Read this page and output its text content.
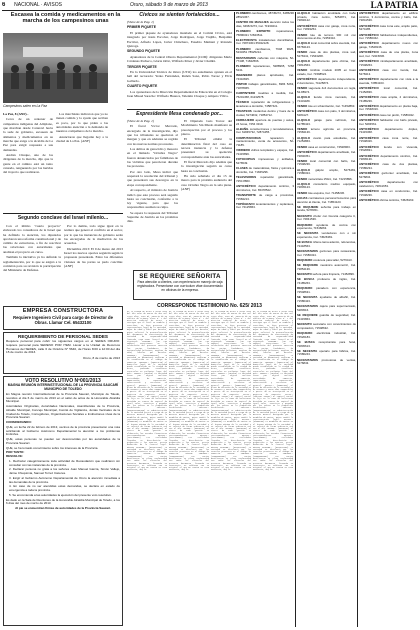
6 NACIONAL · AVISOS	Oruro, sábado 9 de marzo de 2013	LA PATRIA
Escasea la comida y medicamentos en la marcha de los campesinos unas
Campesinos salen en La Paz

La Paz, 8 (ANF).-

Cerca de un centenar de campesinos indígenas del Altiplano, que marchan desde Caranavi hacia la sede de gobierno, escasean de alimentos y medicamentos en su marcha que exige a la alcaldía de La Paz para exigir respuesta a sus demandas.

Andrés Chuque, uno de los dirigentes de la marcha, dijo que la gente en el camino está un tanto cansada, rengueando por las heridas del trayecto que realizaron.

Los marchistas indicaron que ya no tienen comida y la ayuda que reciben es poca, por lo que piden a las autoridades atención a la demanda de nuestros compañeros de la marcha.

Anunciaron que llegarán hoy a la ciudad de La Paz. (ANF)

Segundo conclave del Israel milenio...

Con el último "cuarto proyecto" elaborado los consultores de la Israel que ha definido la atención, los diputados aprobaron una reforma constitucional y de cambio de estructuras, a fin de reactivar las relaciones con autoridades que analizan el proyecto en curso.

También la iniciativa ya ha definido la reglamentación, por lo que se asignó a la comisión para su revisión la participación del Ministerio de Defensa.

Por lo demás, todo sigue igual en la tesitura que generó el conflicto en el sector, por lo que las instancias de gobierno serán las encargadas de la mediación de los acuerdos.

Diciembre 2013: El 9 de marzo del 2013 Israel los nuevos aportes seguirán según la propuesta presentada. Entre las diferentes visiones de las partes se pudo conciliar. (ANF)

EMPRESA CONSTRUCTORA
Requiere Ingeniero Civil para cargo de Director de Obras. Llamar Cel. 65432100
REQUERIMIENTO DE PERSONAL SEDES
Requiere personal para cubrir los siguientes cargos en el SEDES ORURO: requiere personal para SERENO POR ITEM. Llevar a la Unidad de Recursos Humanos del SEDES, calle 6 de Octubre N° 5640, de Horas 8:00 a 12:00 del día 15 de marzo de 2013.
Oruro, 8 de marzo de 2013
VOTO RESOLUTIVO Nº001/2013
MAGNA REUNIÓN INTERINSTITUCIONAL DE LA PROVINCIA SAUCARÍ MUNICIPIO DE TOLEDO
En Magna reunión Interinstitucional de la Provincia Saucarí, Municipio de Toledo, reunidos el día 6 de marzo de 2013 en el salón de actos de la Honorable Alcaldía Municipal.
Autoridades Originarias, Autoridades Nacionales, Asambleístas de la Provincia, Alcalde Municipal, Concejo Municipal, Comité de Vigilancia, Juntas Vecinales de la Ciudad de Toledo, Corregidores, Organizaciones Sociales e Instituciones vivas de la Provincia Saucarí.
CONSIDERANDO:
QUE, en fecha 22 de febrero de 2013, vecinos de la provincia presentaron una nota solicitando al Gobierno Autónomo Departamental la atención a los problemas limítrofes.
QUE, estas personas no pueden ser desconocidas por las autoridades de la Provincia Saucarí.
QUE, se ha tomado conocimiento sobre los intereses de la Provincia.
POR TANTO:
RESUELVE:
1. Rechazar categóricamente toda actividad de Recaudación que realizaron sin consultar con las instancias de la provincia.
2. Declarar persona no grata a los señores Juan Manuel García, Simón Vallejo, Jaime Chuquimia, Samuel Torrez Cáceres.
3. Exigir al Gobierno Autónomo Departamental de Oruro la atención inmediata a las demandas de la provincia.
4. En caso de no ser atendidas estas demandas, se declara en estado de emergencia a toda la provincia.
5. Se encomienda a las autoridades la ejecución del presente voto resolutivo.
Es dado en la Sala de Reuniones de la Honorable Alcaldía Municipal de Toledo, a los 6 días del mes de marzo de 2013.
Al pie se encuentran firmas de autoridades de la Provincia Saucarí.
Cívicos se sienten fortalecidos...

(Viene de la Pág. 1)

PRIMER PIQUETE

El primer piquete de ayunadores instalado en el Comité Cívico, está integrado por Jesús Escobar, Jorge Rodríguez, Jorge Trujillo, Benjamín Escóbar, Alfredo López, Javier Chinchero, Eusebio Mamani y Rolando Quiroga.

SEGUNDO PIQUETE

Ayunadores de la Central Obrera Departamental (COD): dirigentes Mario Cárdenas Pacheco, Gloria Ortíz, Wilfredo Pérez y Javier Chambi.

TERCER PIQUETE

En la Universidad Técnica de Oruro (UTO) los estudiantes ayunan en el hall del rectorado: Yerko Fernández, Rubén Sanz, Pablo Torrez y Elvis Gallardo.

CUARTO PIQUETE

Los ayunadores de la Dirección Departamental de Educación en el Colegio Juan Misael Saracho: Wilfredo Huanca, Valentín Choque y Amparo Villca.

Expresidente Mesa condenado por...

(Viene de la Pág. 1)

El fiscal Víctor Mercado, encargado de la investigación, dijo que los tribunales se quedaron al margen y que en adelante se regirán con las nuevas normas procesales.

Los delitos de genocidio y masacre en el llamado "Octubre Negro" fueron denunciados por familiares de las víctimas que perecieron durante las protestas.

Por otro lado, Mesa indicó que respetará la resolución del tribunal y que presentará sus descargos en la etapa correspondiente.

Al respecto, el ministro de Justicia indicó que este proceso será seguido hasta su conclusión, conforme a la ley vigente, para que los responsables asuman su culpa.

Se espera la respuesta del Tribunal Supremo de Justicia en los próximos días.

El Diputado Luis Torrez del Movimiento Sin Miedo manifestó su preocupación por el proceso y los plazos.

El Tribunal emitió la determinación final del caso en tercera instancia y la defensa presentará su apelación correspondiente ante las autoridades.

El fiscal Mercado dijo además que la investigación seguirá su curso hasta su conclusión.

Ha sido señalado el día 15 de marzo para la próxima audiencia del caso Octubre Negro en la sala plena. (ANF)

SE REQUIERE SEÑORITA
Para atención a clientes, con experiencia en manejo de caja registradora. Presentarse con currículum vitae documentado en oficinas de la empresa.
CORRESPONDE TESTIMONIO No. 625/ 2013
En la ciudad de Oruro a horas diez del día ocho de marzo de dos mil trece años, ante mí, Notario de Fe Pública de Primera Clase N° 7 del Distrito Judicial de Oruro, y testigos que al final se nombran y suscriben, se hizo presente el representante legal de la sociedad, mayor de edad y hábil por derecho, quien solicitó la protocolización del documento de constitución de sociedad de responsabilidad limitada, cuyo tenor literal es el siguiente: PRIMERA.- (DE LAS PARTES) Intervienen en la celebración del presente contrato los socios fundadores, de nacionalidad boliviana, mayores de edad, hábiles por derecho. SEGUNDA.- (DENOMINACIÓN) La sociedad se denominará conforme a lo establecido en el Código de Comercio. TERCERA.- (DOMICILIO) El domicilio legal de la sociedad queda establecido en la ciudad de Oruro, pudiendo establecer sucursales en cualquier lugar del país. CUARTA.- (OBJETO) La sociedad tiene por objeto realizar actividades de comercio, importación, exportación, construcción y servicios en general. QUINTA.- (DURACIÓN) El plazo de duración de la sociedad es de noventa y nueve años computables a partir de su inscripción en el Registro de Comercio. SEXTA.- (CAPITAL SOCIAL) El capital social se fija en la suma de bolivianos dividido en cuotas de capital de igual valor, suscritas y pagadas por los socios en la proporción establecida. SÉPTIMA.- (ADMINISTRACIÓN) La administración de la sociedad estará a cargo de un Gerente General designado por la Asamblea de Socios, quien tendrá la representación legal. OCTAVA.- (ASAMBLEA) La Asamblea de Socios es el órgano máximo de la sociedad y se reunirá de forma ordinaria una vez al año. NOVENA.- (BALANCES) Al cierre de cada gestión se elaborarán los estados financieros correspondientes. DÉCIMA.- (UTILIDADES) Las utilidades líquidas se distribuirán en proporción a los aportes, previa deducción de la reserva legal. DÉCIMA PRIMERA.- (DISOLUCIÓN) La sociedad se disolverá por las causales previstas en el Código de Comercio. DÉCIMA SEGUNDA.- (CONFORMIDAD) Los socios manifiestan su plena conformidad con todas las cláusulas del presente documento, firmando en constancia. Es conforme con su original al que me remito en caso necesario, doy fe.
En la ciudad de Oruro a horas diez del día ocho de marzo de dos mil trece años, ante mí, Notario de Fe Pública de Primera Clase N° 7 del Distrito Judicial de Oruro, y testigos que al final se nombran y suscriben, se hizo presente el representante legal de la sociedad, mayor de edad y hábil por derecho, quien solicitó la protocolización del documento de constitución de sociedad de responsabilidad limitada, cuyo tenor literal es el siguiente: PRIMERA.- (DE LAS PARTES) Intervienen en la celebración del presente contrato los socios fundadores, de nacionalidad boliviana, mayores de edad, hábiles por derecho. SEGUNDA.- (DENOMINACIÓN) La sociedad se denominará conforme a lo establecido en el Código de Comercio. TERCERA.- (DOMICILIO) El domicilio legal de la sociedad queda establecido en la ciudad de Oruro, pudiendo establecer sucursales en cualquier lugar del país. CUARTA.- (OBJETO) La sociedad tiene por objeto realizar actividades de comercio, importación, exportación, construcción y servicios en general. QUINTA.- (DURACIÓN) El plazo de duración de la sociedad es de noventa y nueve años computables a partir de su inscripción en el Registro de Comercio. SEXTA.- (CAPITAL SOCIAL) El capital social se fija en la suma de bolivianos dividido en cuotas de capital de igual valor, suscritas y pagadas por los socios en la proporción establecida. SÉPTIMA.- (ADMINISTRACIÓN) La administración de la sociedad estará a cargo de un Gerente General designado por la Asamblea de Socios, quien tendrá la representación legal. OCTAVA.- (ASAMBLEA) La Asamblea de Socios es el órgano máximo de la sociedad y se reunirá de forma ordinaria una vez al año. NOVENA.- (BALANCES) Al cierre de cada gestión se elaborarán los estados financieros correspondientes. DÉCIMA.- (UTILIDADES) Las utilidades líquidas se distribuirán en proporción a los aportes, previa deducción de la reserva legal. DÉCIMA PRIMERA.- (DISOLUCIÓN) La sociedad se disolverá por las causales previstas en el Código de Comercio. DÉCIMA SEGUNDA.- (CONFORMIDAD) Los socios manifiestan su plena conformidad con todas las cláusulas del presente documento, firmando en constancia. Es conforme con su original al que me remito en caso necesario, doy fe.
En la ciudad de Oruro a horas diez del día ocho de marzo de dos mil trece años, ante mí, Notario de Fe Pública de Primera Clase N° 7 del Distrito Judicial de Oruro, y testigos que al final se nombran y suscriben, se hizo presente el representante legal de la sociedad, mayor de edad y hábil por derecho, quien solicitó la protocolización del documento de constitución de sociedad de responsabilidad limitada, cuyo tenor literal es el siguiente: PRIMERA.- (DE LAS PARTES) Intervienen en la celebración del presente contrato los socios fundadores, de nacionalidad boliviana, mayores de edad, hábiles por derecho. SEGUNDA.- (DENOMINACIÓN) La sociedad se denominará conforme a lo establecido en el Código de Comercio. TERCERA.- (DOMICILIO) El domicilio legal de la sociedad queda establecido en la ciudad de Oruro, pudiendo establecer sucursales en cualquier lugar del país. CUARTA.- (OBJETO) La sociedad tiene por objeto realizar actividades de comercio, importación, exportación, construcción y servicios en general. QUINTA.- (DURACIÓN) El plazo de duración de la sociedad es de noventa y nueve años computables a partir de su inscripción en el Registro de Comercio. SEXTA.- (CAPITAL SOCIAL) El capital social se fija en la suma de bolivianos dividido en cuotas de capital de igual valor, suscritas y pagadas por los socios en la proporción establecida. SÉPTIMA.- (ADMINISTRACIÓN) La administración de la sociedad estará a cargo de un Gerente General designado por la Asamblea de Socios, quien tendrá la representación legal. OCTAVA.- (ASAMBLEA) La Asamblea de Socios es el órgano máximo de la sociedad y se reunirá de forma ordinaria una vez al año. NOVENA.- (BALANCES) Al cierre de cada gestión se elaborarán los estados financieros correspondientes. DÉCIMA.- (UTILIDADES) Las utilidades líquidas se distribuirán en proporción a los aportes, previa deducción de la reserva legal. DÉCIMA PRIMERA.- (DISOLUCIÓN) La sociedad se disolverá por las causales previstas en el Código de Comercio. DÉCIMA SEGUNDA.- (CONFORMIDAD) Los socios manifiestan su plena conformidad con todas las cláusulas del presente documento, firmando en constancia. Es conforme con su original al que me remito en caso necesario, doy fe.
En la ciudad de Oruro a horas diez del día ocho de marzo de dos mil trece años, ante mí, Notario de Fe Pública de Primera Clase N° 7 del Distrito Judicial de Oruro, y testigos que al final se nombran y suscriben, se hizo presente el representante legal de la sociedad, mayor de edad y hábil por derecho, quien solicitó la protocolización del documento de constitución de sociedad de responsabilidad limitada, cuyo tenor literal es el siguiente: PRIMERA.- (DE LAS PARTES) Intervienen en la celebración del presente contrato los socios fundadores, de nacionalidad boliviana, mayores de edad, hábiles por derecho. SEGUNDA.- (DENOMINACIÓN) La sociedad se denominará conforme a lo establecido en el Código de Comercio. TERCERA.- (DOMICILIO) El domicilio legal de la sociedad queda establecido en la ciudad de Oruro, pudiendo establecer sucursales en cualquier lugar del país. CUARTA.- (OBJETO) La sociedad tiene por objeto realizar actividades de comercio, importación, exportación, construcción y servicios en general. QUINTA.- (DURACIÓN) El plazo de duración de la sociedad es de noventa y nueve años computables a partir de su inscripción en el Registro de Comercio. SEXTA.- (CAPITAL SOCIAL) El capital social se fija en la suma de bolivianos dividido en cuotas de capital de igual valor, suscritas y pagadas por los socios en la proporción establecida. SÉPTIMA.- (ADMINISTRACIÓN) La administración de la sociedad estará a cargo de un Gerente General designado por la Asamblea de Socios, quien tendrá la representación legal. OCTAVA.- (ASAMBLEA) La Asamblea de Socios es el órgano máximo de la sociedad y se reunirá de forma ordinaria una vez al año. NOVENA.- (BALANCES) Al cierre de cada gestión se elaborarán los estados financieros correspondientes. DÉCIMA.- (UTILIDADES) Las utilidades líquidas se distribuirán en proporción a los aportes, previa deducción de la reserva legal. DÉCIMA PRIMERA.- (DISOLUCIÓN) La sociedad se disolverá por las causales previstas en el Código de Comercio. DÉCIMA SEGUNDA.- (CONFORMIDAD) Los socios manifiestan su plena conformidad con todas las cláusulas del presente documento, firmando en constancia. Es conforme con su original al que me remito en caso necesario, doy fe.
PLOMERO cambiamos, 48745272, 6485296 28521367.
CENTRO DE MASAJES atención todos los días, 6498-5273, Cel. 71930211.
PLOMERO EXPERTO reparaciones, 75896321 72843511.
ELECTRICISTA instalaciones domiciliarias, Cel. 72874301 65432128.
PLOMERO cambiamos, 7648 9625, 5233451 78925214.
DESTAPAMOS cañerías con máquina, 52-77438, 71842566.
PLOMERO reparaciones, 5288965, 7258 5241.
INGENIERO planos aprobados, Cel. 74310825.
PINTOR trabajos garantizados, 6984 5263, 71878965.
CARPINTERO muebles a medida, Cel. 75201458, 61232578.
TÉCNICO reparación de refrigeradores y lavadoras a domicilio, 74587421.
TRASTEOS mudanzas dentro y fuera de la ciudad, 5274632, 71854712.
CERRAJERO apertura de puertas y autos, 24 horas, 7254 3319.
ALBAÑIL construcciones y remodelaciones, Cel. 61845732, 72874455.
COMPUTADORAS	reparación y mantenimiento, venta de accesorios, 52-71185.
VIDRIERO vidrios templados y espejos, Cel. 72415896.
FOTOCOPIAS impresiones y anillados, 5276549.
CLASES de matemáticas, física y química a domicilio, Cel. 71845296.
TELEVISORES reparación garantizada, 7254 8863.
ANTICRÉTICO departamento céntrico, 3 dormitorios, Cel. 65478522.
TRANSPORTE de carga a provincias, 71584213.
TOPÓGRAFO levantamientos y replanteos, Cel. 74125863.
ALQUILO habitación amoblada con baño privado, zona centro, 5254871, Cel. 72840122.
ANTICRÉTICO casa con garaje, zona norte, Cel. 71893254.
VENDO lote de terreno 300 m2 con documentos al día, 72453310.
ALQUILO local comercial sobre avenida, Cel. 65784123.
VENDO casa de dos plantas, zona sud, 5276341, 71543268.
ALQUILO departamento para oficina, Cel. 72814563.
VENDO minibús modelo 2005 en buen estado, Cel. 71598524.
ANTICRÉTICO departamento independiente, 2 dormitorios, 74125874.
VENDO vagoneta 4x4 documentos en regla, 52-88974.
ALQUILO tienda zona mercado, Cel. 72431189.
VENDO lote en urbanización, Cel. 71452863.
ANTICRÉTICO casa con patio, 3 dormitorios, 5284127.
ALQUILO garaje para vehículo, Cel. 61785423.
VENDO terreno agrícola en provincia, 72584136.
ALQUILO cuarto para estudiante, Cel. 71254863.
VENDO casa en construcción, 74528963.
ANTICRÉTICO departamento amoblado, Cel. 72846351.
VENDO local comercial con baño, Cel. 71548236.
ALQUILO galpón amplio, 5276481, 71586324.
VENDO motocicleta 150cc, Cel. 74215896.
ALQUILO consultorio médico equipado, 72845123.
VENDO lote esquina, Cel. 71458236.
AGUAS contratamos personal femenino para atención al cliente, Cel. 71854123.
SE REQUIERE señorita para trabajo en tienda, 5278451.
NECESITO chofer con licencia categoría C, Cel. 72841536.
REQUIERO ayudante de cocina con experiencia, 71548263.
SE NECESITA vendedores con o sin experiencia, Cel. 74526381.
SE BUSCA niñera cama adentro, referencias, 72418563.
NECESITAMOS garzones para restaurante, Cel. 71586324.
REQUIERO costurera para taller, 5276413.
SE REQUIERE mecánico automotriz, Cel. 72854136.
NECESITO señora para limpieza, 71452896.
SE BUSCA profesora de inglés, Cel. 74185263.
REQUIERO panadero con experiencia, 72548631.
SE NECESITA ayudante de albañil, Cel. 71586423.
NECESITAMOS cajera para supermercado, 5284516.
SE REQUIERE guardia de seguridad, Cel. 72415863.
NECESITO secretaria con conocimientos de computación, 71548632.
REQUIERO electricista industrial, Cel. 74526183.
SE BUSCA recepcionista para hotel, 72845613.
SE NECESITA operario para fábrica, Cel. 71586243.
NECESITAMOS promotoras de ventas, 5276843.
ANTICRÉTICO departamento en edificio céntrico, 3 dormitorios, cocina y baño, Cel. 72841536.
ANTICRÉTICO casa zona este, amplio patio, 5274185.
ANTICRÉTICO habitaciones independientes, Cel. 71586342.
ANTICRÉTICO departamento nuevo con garaje, 74528136.
ANTICRÉTICO casa de una planta, zona sud, Cel. 72415836.
ANTICRÉTICO minidepartamento amoblado, 71548263.
ANTICRÉTICO casa con tienda, Cel. 5278413.
ANTICRÉTICO departamento con vista a la avenida, 72854163.
ANTICRÉTICO local comercial, Cel. 71452836.
ANTICRÉTICO casa amplia, 4 dormitorios, 74185236.
ANTICRÉTICO departamento en planta baja, Cel. 72548316.
ANTICRÉTICO casa con jardín, 71586432.
ANTICRÉTICO habitación con baño privado, Cel. 5284561.
ANTICRÉTICO departamento dúplex, 72415368.
ANTICRÉTICO casa zona norte, Cel. 71548326.
ANTICRÉTICO tienda con vivienda, 74526831.
ANTICRÉTICO departamento céntrico, Cel. 72845136.
ANTICRÉTICO casa de dos plantas, 71586234.
ANTICRÉTICO garzonier amoblado, Cel. 5276834.
ANTICRÉTICO	departamento con calefacción, 72841653.
ANTICRÉTICO casa en condominio, Cel. 71548236.
ANTICRÉTICO oficina céntrica, 74528163.
